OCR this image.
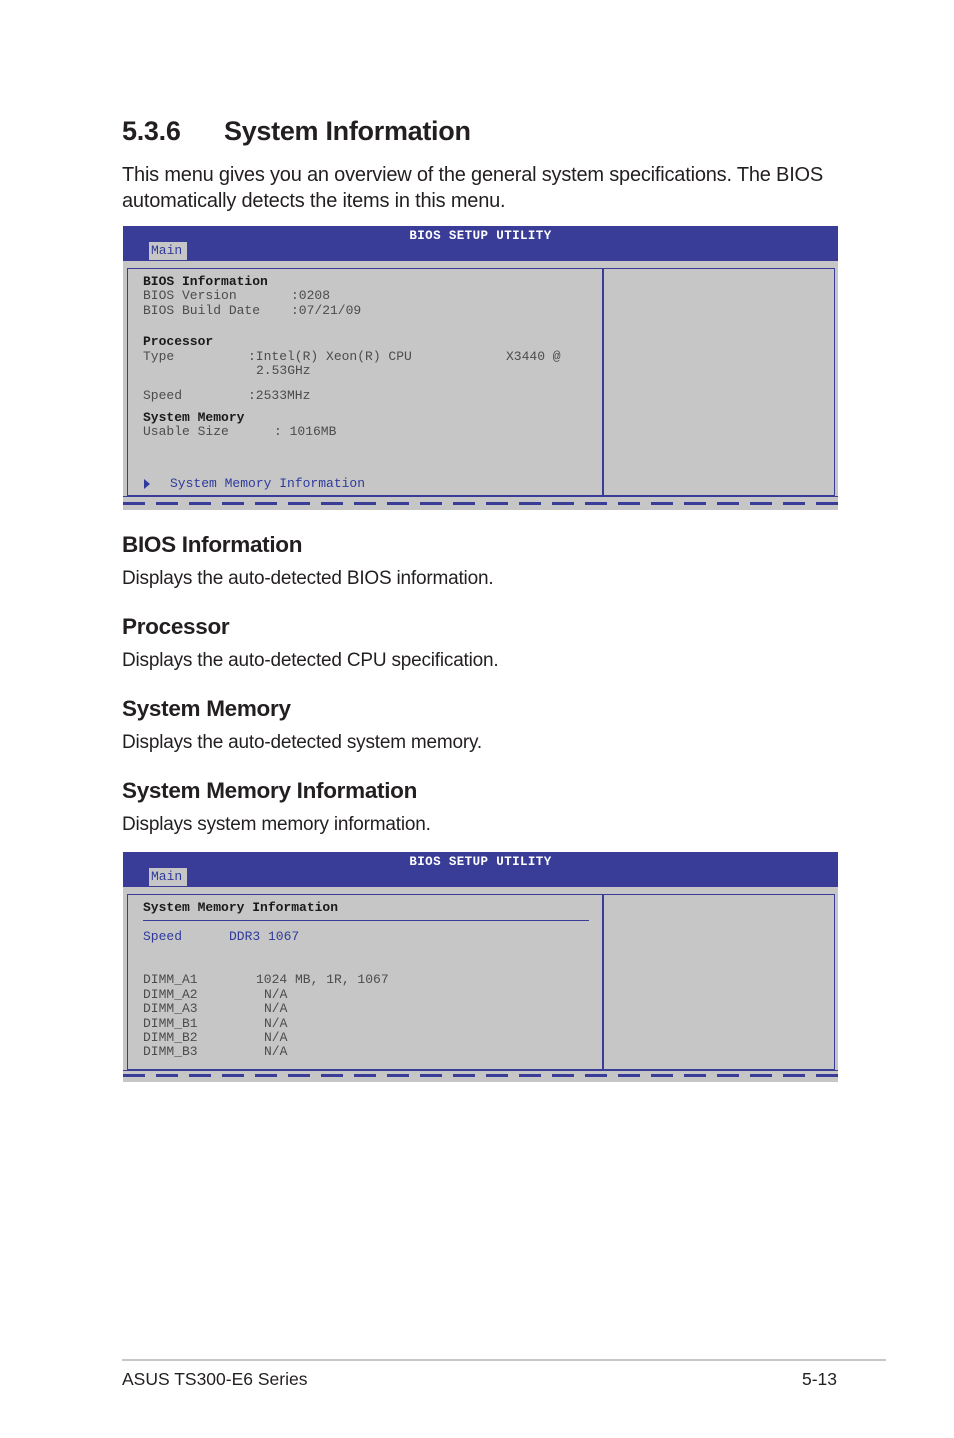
5.3.6 System Information
This menu gives you an overview of the general system specifications. The BIOS automatically detects the items in this menu.
BIOS SETUP UTILITY
Main
BIOS Information
BIOS Version	:0208
BIOS Build Date :07/21/09
Processor
Type	:Intel(R) Xeon(R) CPU	X3440 @
2.53GHz
Speed	:2533MHz
System Memory
Usable Size	: 1016MB
System Memory Information
BIOS Information
Displays the auto-detected BIOS information.
Processor
Displays the auto-detected CPU specification.
System Memory
Displays the auto-detected system memory.
System Memory Information
Displays system memory information.
BIOS SETUP UTILITY
Main
System Memory Information
Speed	DDR3 1067
DIMM_A1	1024 MB, 1R, 1067
DIMM_A2	N/A
DIMM_A3	N/A
DIMM_B1	N/A
DIMM_B2	N/A
DIMM_B3	N/A
ASUS TS300-E6 Series	5-13
